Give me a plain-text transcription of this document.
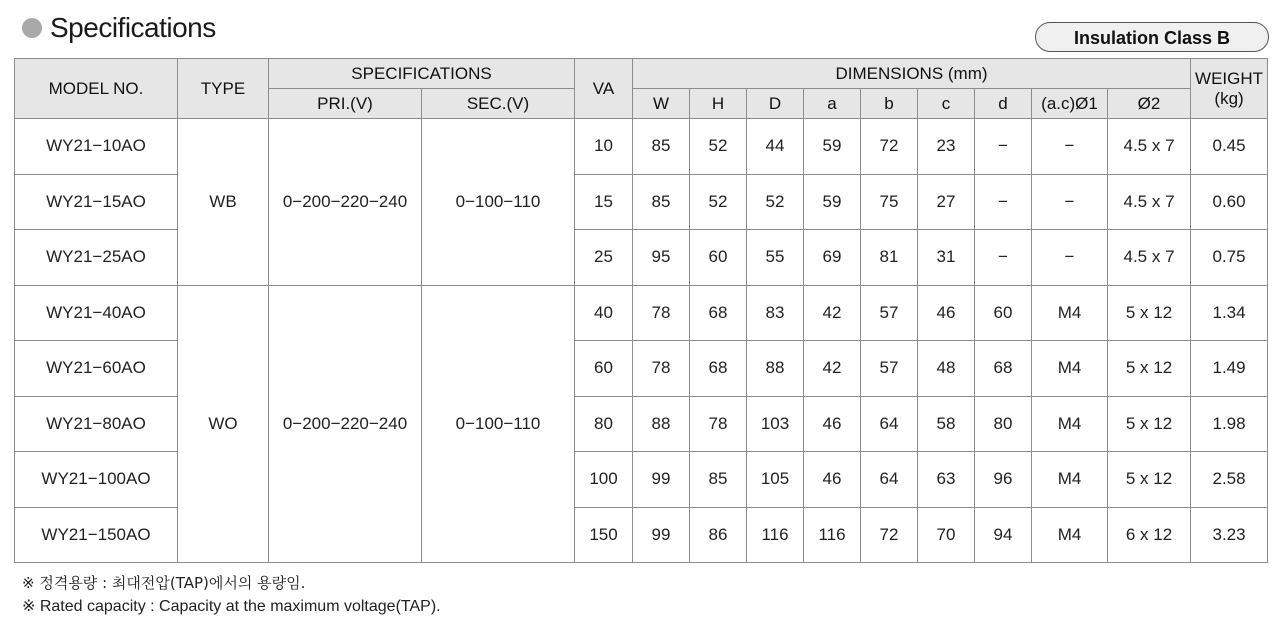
Specifications	Insulation Class B
MODEL NO.	TYPE	SPECIFICATIONS		VA	DIMENSIONS (mm)									WEIGHT
(kg)

		PRI.(V)	SEC.(V)		W	H	D	a	b	c	d	(a.c)Ø1	Ø2	
WY21−10AO	WB	0−200−220−240	0−100−110	10	85	52	44	59	72	23	−	−	4.5 x 7	0.45
WY21−15AO				15	85	52	52	59	75	27	−	−	4.5 x 7	0.60
WY21−25AO				25	95	60	55	69	81	31	−	−	4.5 x 7	0.75
WY21−40AO	WO	0−200−220−240	0−100−110	40	78	68	83	42	57	46	60	M4	5 x 12	1.34
WY21−60AO				60	78	68	88	42	57	48	68	M4	5 x 12	1.49
WY21−80AO				80	88	78	103	46	64	58	80	M4	5 x 12	1.98
WY21−100AO				100	99	85	105	46	64	63	96	M4	5 x 12	2.58
WY21−150AO				150	99	86	116	116	72	70	94	M4	6 x 12	3.23
※ 정격용량 : 최대전압(TAP)에서의 용량임.
※ Rated capacity : Capacity at the maximum voltage(TAP).
